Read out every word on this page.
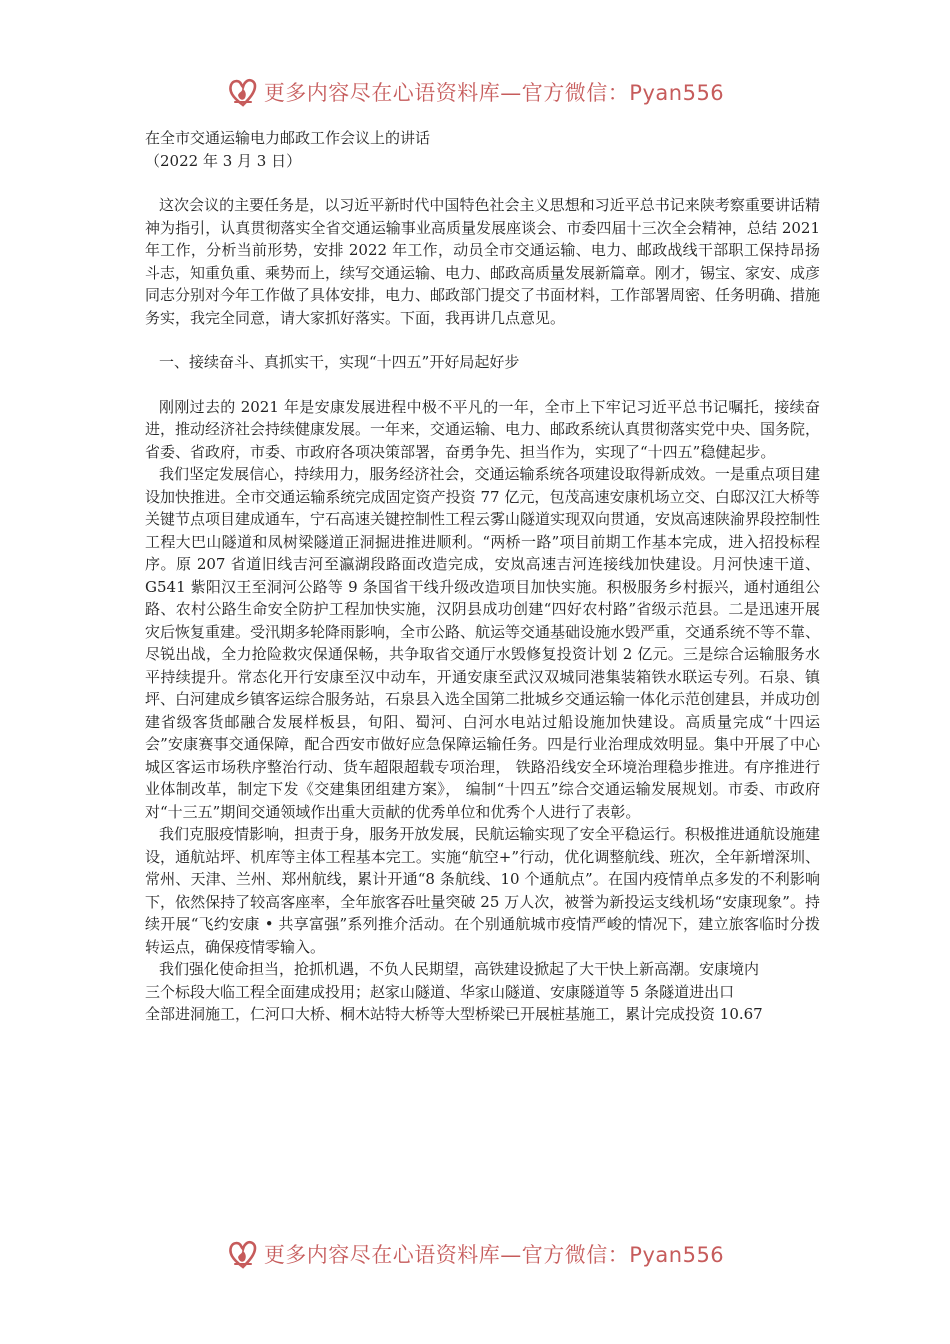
更多内容尽在心语资料库—官方微信：Pyan556

在全市交通运输电力邮政工作会议上的讲话

（2022 年 3 月 3 日）

这次会议的主要任务是，以习近平新时代中国特色社会主义思想和习近平总书记来陕考察重要讲话精神为指引，认真贯彻落实全省交通运输事业高质量发展座谈会、市委四届十三次全会精神，总结 2021 年工作，分析当前形势，安排 2022 年工作，动员全市交通运输、电力、邮政战线干部职工保持昂扬斗志，知重负重、乘势而上，续写交通运输、电力、邮政高质量发展新篇章。刚才，锡宝、家安、成彦同志分别对今年工作做了具体安排，电力、邮政部门提交了书面材料，工作部署周密、任务明确、措施务实，我完全同意，请大家抓好落实。下面，我再讲几点意见。

一、接续奋斗、真抓实干，实现“十四五”开好局起好步

刚刚过去的 2021 年是安康发展进程中极不平凡的一年，全市上下牢记习近平总书记嘱托，接续奋进，推动经济社会持续健康发展。一年来，交通运输、电力、邮政系统认真贯彻落实党中央、国务院，省委、省政府，市委、市政府各项决策部署，奋勇争先、担当作为，实现了“十四五”稳健起步。

我们坚定发展信心，持续用力，服务经济社会，交通运输系统各项建设取得新成效。一是重点项目建设加快推进。全市交通运输系统完成固定资产投资 77 亿元，包茂高速安康机场立交、白邸汉江大桥等关键节点项目建成通车，宁石高速关键控制性工程云雾山隧道实现双向贯通，安岚高速陕渝界段控制性工程大巴山隧道和凤树梁隧道正洞掘进推进顺利。“两桥一路”项目前期工作基本完成，进入招投标程序。原 207 省道旧线吉河至瀛湖段路面改造完成，安岚高速吉河连接线加快建设。月河快速干道、G541 紫阳汉王至洞河公路等 9 条国省干线升级改造项目加快实施。积极服务乡村振兴，通村通组公路、农村公路生命安全防护工程加快实施，汉阴县成功创建“四好农村路”省级示范县。二是迅速开展灾后恢复重建。受汛期多轮降雨影响，全市公路、航运等交通基础设施水毁严重，交通系统不等不靠、尽锐出战，全力抢险救灾保通保畅，共争取省交通厅水毁修复投资计划 2 亿元。三是综合运输服务水平持续提升。常态化开行安康至汉中动车，开通安康至武汉双城同港集装箱铁水联运专列。石泉、镇坪、白河建成乡镇客运综合服务站，石泉县入选全国第二批城乡交通运输一体化示范创建县，并成功创建省级客货邮融合发展样板县，旬阳、蜀河、白河水电站过船设施加快建设。高质量完成“十四运会”安康赛事交通保障，配合西安市做好应急保障运输任务。四是行业治理成效明显。集中开展了中心城区客运市场秩序整治行动、货车超限超载专项治理， 铁路沿线安全环境治理稳步推进。有序推进行业体制改革，制定下发《交建集团组建方案》， 编制“十四五”综合交通运输发展规划。市委、市政府对“十三五”期间交通领域作出重大贡献的优秀单位和优秀个人进行了表彰。

我们克服疫情影响，担责于身，服务开放发展，民航运输实现了安全平稳运行。积极推进通航设施建设，通航站坪、机库等主体工程基本完工。实施“航空+”行动，优化调整航线、班次，全年新增深圳、常州、天津、兰州、郑州航线，累计开通“8 条航线、10 个通航点”。在国内疫情单点多发的不利影响下，依然保持了较高客座率，全年旅客吞吐量突破 25 万人次，被誉为新投运支线机场“安康现象”。持续开展“飞约安康 • 共享富强”系列推介活动。在个别通航城市疫情严峻的情况下，建立旅客临时分拨转运点，确保疫情零输入。

我们强化使命担当，抢抓机遇，不负人民期望，高铁建设掀起了大干快上新高潮。安康境内

三个标段大临工程全面建成投用；赵家山隧道、华家山隧道、安康隧道等 5 条隧道进出口

全部进洞施工，仁河口大桥、桐木站特大桥等大型桥梁已开展桩基施工，累计完成投资 10.67

更多内容尽在心语资料库—官方微信：Pyan556
